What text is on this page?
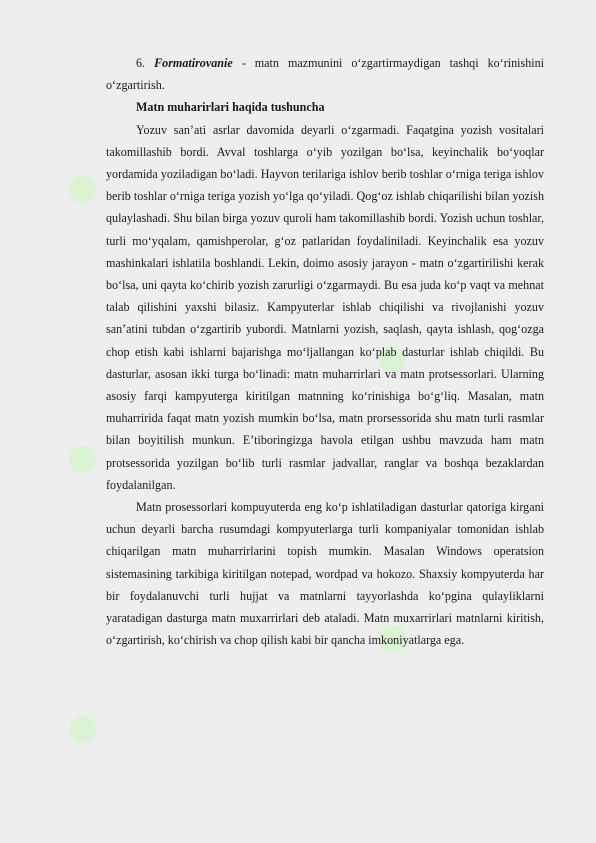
●
●
●
●
●

6. Formatirovanie - matn mazmunini o‘zgartirmaydigan tashqi ko‘rinishini o‘zgartirish.

Matn muharirlari haqida tushuncha

Yozuv san’ati asrlar davomida deyarli o‘zgarmadi. Faqatgina yozish vositalari takomillashib bordi. Avval toshlarga o‘yib yozilgan bo‘lsa, keyinchalik bo‘yoqlar yordamida yoziladigan bo‘ladi. Hayvon terilariga ishlov berib toshlar o‘rniga teriga ishlov berib toshlar o‘rniga teriga yozish yo‘lga qo‘yiladi. Qog‘oz ishlab chiqarilishi bilan yozish qulaylashadi. Shu bilan birga yozuv quroli ham takomillashib bordi. Yozish uchun toshlar, turli mo‘yqalam, qamishperolar, g‘oz patlaridan foydaliniladi. Keyinchalik esa yozuv mashinkalari ishlatila boshlandi. Lekin, doimo asosiy jarayon - matn o‘zgartirilishi kerak bo‘lsa, uni qayta ko‘chirib yozish zarurligi o‘zgarmaydi. Bu esa juda ko‘p vaqt va mehnat talab qilishini yaxshi bilasiz. Kampyuterlar ishlab chiqilishi va rivojlanishi yozuv san’atini tubdan o‘zgartirib yubordi. Matnlarni yozish, saqlash, qayta ishlash, qog‘ozga chop etish kabi ishlarni bajarishga mo‘ljallangan ko‘plab dasturlar ishlab chiqildi. Bu dasturlar, asosan ikki turga bo‘linadi: matn muharrirlari va matn protsessorlari. Ularning asosiy farqi kampyuterga kiritilgan matnning ko‘rinishiga bo‘g‘liq. Masalan, matn muharririda faqat matn yozish mumkin bo‘lsa, matn prorsessorida shu matn turli rasmlar bilan boyitilish munkun. E’tiboringizga havola etilgan ushbu mavzuda ham matn protsessorida yozilgan bo‘lib turli rasmlar jadvallar, ranglar va boshqa bezaklardan foydalanilgan.

Matn prosessorlari kompuyuterda eng ko‘p ishlatiladigan dasturlar qatoriga kirgani uchun deyarli barcha rusumdagi kompyuterlarga turli kompaniyalar tomonidan ishlab chiqarilgan matn muharrirlarini topish mumkin. Masalan Windows operatsion sistemasining tarkibiga kiritilgan notepad, wordpad va hokozo. Shaxsiy kompyuterda har bir foydalanuvchi turli hujjat va matnlarni tayyorlashda ko‘pgina qulayliklarni yaratadigan dasturga matn muxarrirlari deb ataladi. Matn muxarrirlari matnlarni kiritish, o‘zgartirish, ko‘chirish va chop qilish kabi bir qancha imkoniyatlarga ega.
